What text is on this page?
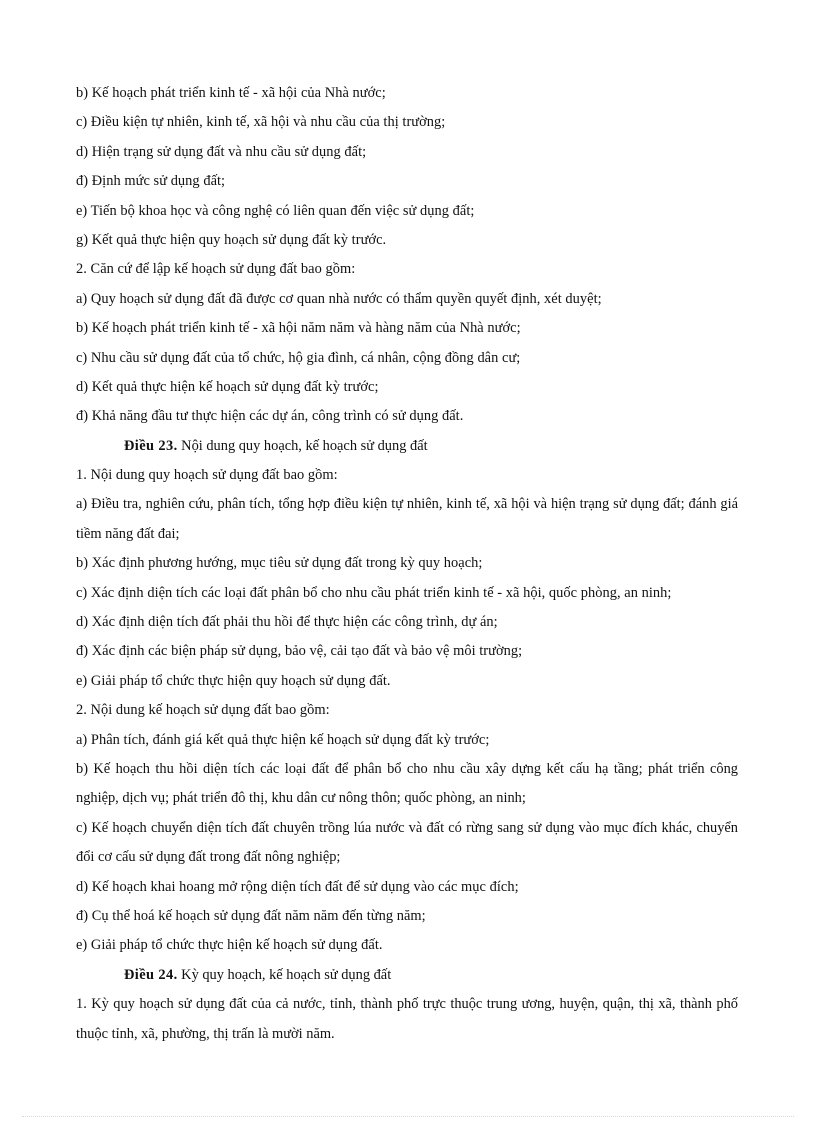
b) Kế hoạch phát triển kinh tế - xã hội của Nhà nước;
c) Điều kiện tự nhiên, kinh tế, xã hội và nhu cầu của thị trường;
d) Hiện trạng sử dụng đất và nhu cầu sử dụng đất;
đ) Định mức sử dụng đất;
e) Tiến bộ khoa học và công nghệ có liên quan đến việc sử dụng đất;
g) Kết quả thực hiện quy hoạch sử dụng đất kỳ trước.
2. Căn cứ để lập kế hoạch sử dụng đất bao gồm:
a) Quy hoạch sử dụng đất đã được cơ quan nhà nước có thẩm quyền quyết định, xét duyệt;
b) Kế hoạch phát triển kinh tế - xã hội năm năm và hàng năm của Nhà nước;
c) Nhu cầu sử dụng đất của tổ chức, hộ gia đình, cá nhân, cộng đồng dân cư;
d) Kết quả thực hiện kế hoạch sử dụng đất kỳ trước;
đ) Khả năng đầu tư thực hiện các dự án, công trình có sử dụng đất.
Điều 23. Nội dung quy hoạch, kế hoạch sử dụng đất
1. Nội dung quy hoạch sử dụng đất bao gồm:

a) Điều tra, nghiên cứu, phân tích, tổng hợp điều kiện tự nhiên, kinh tế, xã hội và hiện trạng sử dụng đất; đánh giá tiềm năng đất đai;

b) Xác định phương hướng, mục tiêu sử dụng đất trong kỳ quy hoạch;
c) Xác định diện tích các loại đất phân bổ cho nhu cầu phát triển kinh tế - xã hội, quốc phòng, an ninh;
d) Xác định diện tích đất phải thu hồi để thực hiện các công trình, dự án;
đ) Xác định các biện pháp sử dụng, bảo vệ, cải tạo đất và bảo vệ môi trường;
e) Giải pháp tổ chức thực hiện quy hoạch sử dụng đất.
2. Nội dung kế hoạch sử dụng đất bao gồm:
a) Phân tích, đánh giá kết quả thực hiện kế hoạch sử dụng đất kỳ trước;

b) Kế hoạch thu hồi diện tích các loại đất để phân bổ cho nhu cầu xây dựng kết cấu hạ tầng; phát triển công nghiệp, dịch vụ; phát triển đô thị, khu dân cư nông thôn; quốc phòng, an ninh;

c) Kế hoạch chuyển diện tích đất chuyên trồng lúa nước và đất có rừng sang sử dụng vào mục đích khác, chuyển đổi cơ cấu sử dụng đất trong đất nông nghiệp;

d) Kế hoạch khai hoang mở rộng diện tích đất để sử dụng vào các mục đích;
đ) Cụ thể hoá kế hoạch sử dụng đất năm năm đến từng năm;
e) Giải pháp tổ chức thực hiện kế hoạch sử dụng đất.
Điều 24. Kỳ quy hoạch, kế hoạch sử dụng đất

1. Kỳ quy hoạch sử dụng đất của cả nước, tỉnh, thành phố trực thuộc trung ương, huyện, quận, thị xã, thành phố thuộc tỉnh, xã, phường, thị trấn là mười năm.
